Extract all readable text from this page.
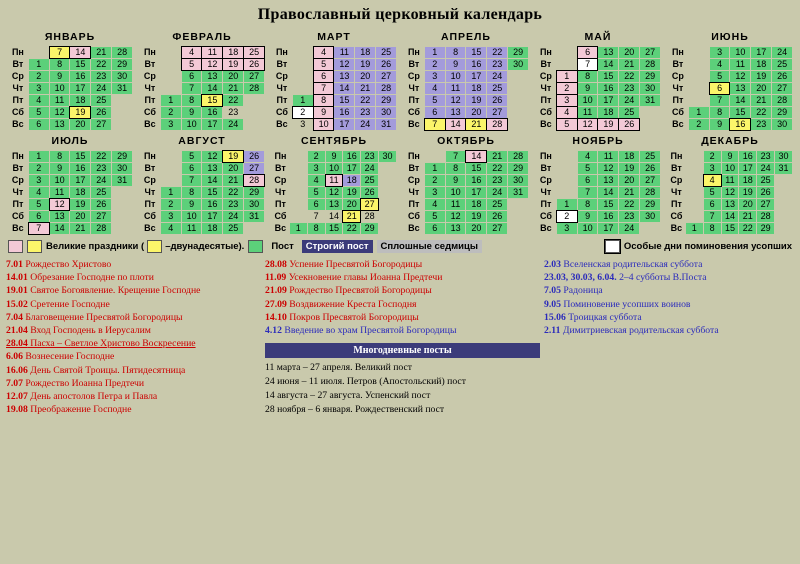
Православный церковный календарь
ЯНВАРЬ
Пн		7	14	21	28
Вт	1	8	15	22	29
Ср	2	9	16	23	30
Чт	3	10	17	24	31
Пт	4	11	18	25	
Сб	5	12	19	26	
Вс	6	13	20	27	
ФЕВРАЛЬ
Пн		4	11	18	25
Вт		5	12	19	26
Ср		6	13	20	27
Чт		7	14	21	28
Пт	1	8	15	22	
Сб	2	9	16	23	
Вс	3	10	17	24	
МАРТ
Пн		4	11	18	25
Вт		5	12	19	26
Ср		6	13	20	27
Чт		7	14	21	28
Пт	1	8	15	22	29
Сб	2	9	16	23	30
Вс	3	10	17	24	31
АПРЕЛЬ
Пн	1	8	15	22	29
Вт	2	9	16	23	30
Ср	3	10	17	24	
Чт	4	11	18	25	
Пт	5	12	19	26	
Сб	6	13	20	27	
Вс	7	14	21	28	
МАЙ
Пн		6	13	20	27
Вт		7	14	21	28
Ср	1	8	15	22	29
Чт	2	9	16	23	30
Пт	3	10	17	24	31
Сб	4	11	18	25	
Вс	5	12	19	26	
ИЮНЬ
Пн		3	10	17	24
Вт		4	11	18	25
Ср		5	12	19	26
Чт		6	13	20	27
Пт		7	14	21	28
Сб	1	8	15	22	29
Вс	2	9	16	23	30
ИЮЛЬ
Пн	1	8	15	22	29
Вт	2	9	16	23	30
Ср	3	10	17	24	31
Чт	4	11	18	25	
Пт	5	12	19	26	
Сб	6	13	20	27	
Вс	7	14	21	28	
АВГУСТ
Пн		5	12	19	26
Вт		6	13	20	27
Ср		7	14	21	28
Чт	1	8	15	22	29
Пт	2	9	16	23	30
Сб	3	10	17	24	31
Вс	4	11	18	25	
СЕНТЯБРЬ
Пн		2	9	16	23	30
Вт		3	10	17	24	
Ср		4	11	18	25	
Чт		5	12	19	26	
Пт		6	13	20	27	
Сб		7	14	21	28	
Вс	1	8	15	22	29	
ОКТЯБРЬ
Пн		7	14	21	28
Вт	1	8	15	22	29
Ср	2	9	16	23	30
Чт	3	10	17	24	31
Пт	4	11	18	25	
Сб	5	12	19	26	
Вс	6	13	20	27	
НОЯБРЬ
Пн		4	11	18	25
Вт		5	12	19	26
Ср		6	13	20	27
Чт		7	14	21	28
Пт	1	8	15	22	29
Сб	2	9	16	23	30
Вс	3	10	17	24	
ДЕКАБРЬ
Пн		2	9	16	23	30
Вт		3	10	17	24	31
Ср		4	11	18	25	
Чт		5	12	19	26	
Пт		6	13	20	27	
Сб		7	14	21	28	
Вс	1	8	15	22	29	
Великие праздники ( –двунадесятые).	Пост	Строгий пост	Сплошные седмицы	Особые дни поминовения усопших
7.01 Рождество Христово
14.01 Обрезание Господне по плоти
19.01 Святое Богоявление. Крещение Господне
15.02 Сретение Господне
7.04 Благовещение Пресвятой Богородицы
21.04 Вход Господень в Иерусалим
28.04 Пасха – Светлое Христово Воскресение
6.06 Вознесение Господне
16.06 День Святой Троицы. Пятидесятница
7.07 Рождество Иоанна Предтечи
12.07 День апостолов Петра и Павла
19.08 Преображение Господне
28.08 Успение Пресвятой Богородицы
11.09 Усекновение главы Иоанна Предтечи
21.09 Рождество Пресвятой Богородицы
27.09 Воздвижение Креста Господня
14.10 Покров Пресвятой Богородицы
4.12 Введение во храм Пресвятой Богородицы
Многодневные посты
11 марта – 27 апреля. Великий пост
24 июня – 11 июля. Петров (Апостольский) пост
14 августа – 27 августа. Успенский пост
28 ноября – 6 января. Рождественский пост
2.03 Вселенская родительская суббота
23.03, 30.03, 6.04. 2–4 субботы В.Поста
7.05 Радоница
9.05 Поминовение усопших воинов
15.06 Троицкая суббота
2.11 Димитриевская родительская суббота
